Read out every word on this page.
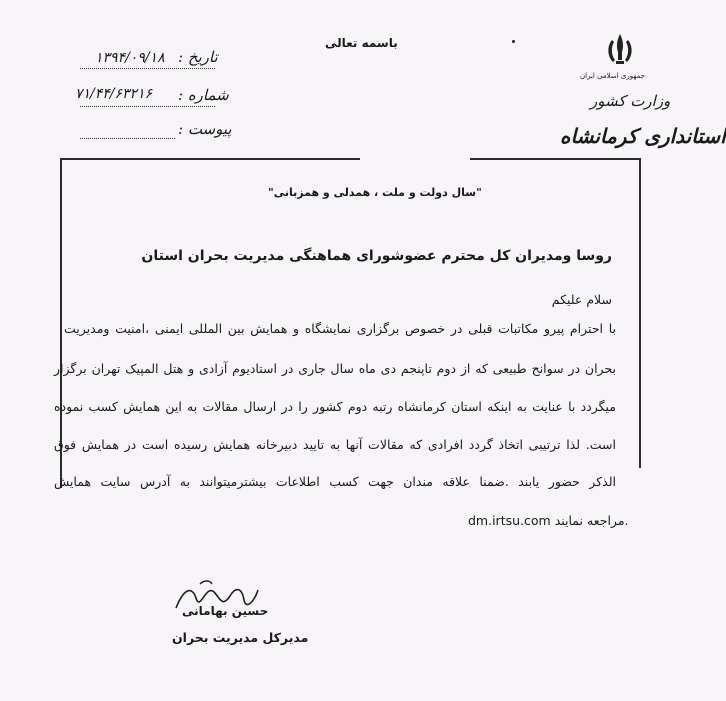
جمهوری اسلامی ایران
وزارت کشور
استانداری کرمانشاه
باسمه تعالی
تاریخ :
۱۳۹۴/۰۹/۱۸
شماره :
۷۱/۴۴/۶۳۲۱۶
پیوست :
"سال دولت و ملت ، همدلی و همزبانی"
روسا ومدیران کل محترم عضوشورای هماهنگی مدیریت بحران استان
سلام علیکم
با احترام پیرو مکاتبات قبلی در خصوص برگزاری نمایشگاه و همایش بین المللی ایمنی ،امنیت ومدیریت
بحران در سوانح طبیعی که از دوم تاپنجم دی ماه سال جاری در استادیوم آزادی و هتل المپیک تهران برگزار
میگردد با عنایت به اینکه استان کرمانشاه رتبه دوم کشور را در ارسال مقالات به این همایش کسب نموده
است. لذا ترتیبی اتخاذ گردد افرادی که مقالات آنها به تایید دبیرخانه همایش رسیده است در همایش فوق
الذکر حضور یابند .ضمنا علاقه مندان جهت کسب اطلاعات بیشترمیتوانند به آدرس سایت همایش
dm.irtsu.com مراجعه نمایند.
حسین بهامانی
مدیرکل مدیریت بحران
